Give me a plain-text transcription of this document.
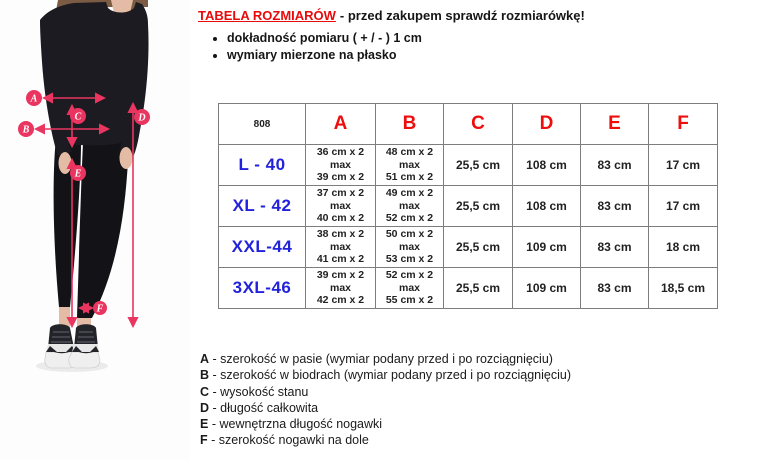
A
B
C	D
E
F
TABELA ROZMIARÓW - przed zakupem sprawdź rozmiarówkę!
• dokładność pomiaru ( + / - ) 1 cm
• wymiary mierzone na płasko
808	A	B	C	D	E	F
L - 40	36 cm x 2
max
39 cm x 2	48 cm x 2
max
51 cm x 2	25,5 cm	108 cm	83 cm	17 cm
XL - 42	37 cm x 2
max
40 cm x 2	49 cm x 2
max
52 cm x 2	25,5 cm	108 cm	83 cm	17 cm
XXL-44	38 cm x 2
max
41 cm x 2	50 cm x 2
max
53 cm x 2	25,5 cm	109 cm	83 cm	18 cm
3XL-46	39 cm x 2
max
42 cm x 2	52 cm x 2
max
55 cm x 2	25,5 cm	109 cm	83 cm	18,5 cm
A - szerokość w pasie (wymiar podany przed i po rozciągnięciu)
B - szerokość w biodrach (wymiar podany przed i po rozciągnięciu)
C - wysokość stanu
D - długość całkowita
E - wewnętrzna długość nogawki
F - szerokość nogawki na dole
